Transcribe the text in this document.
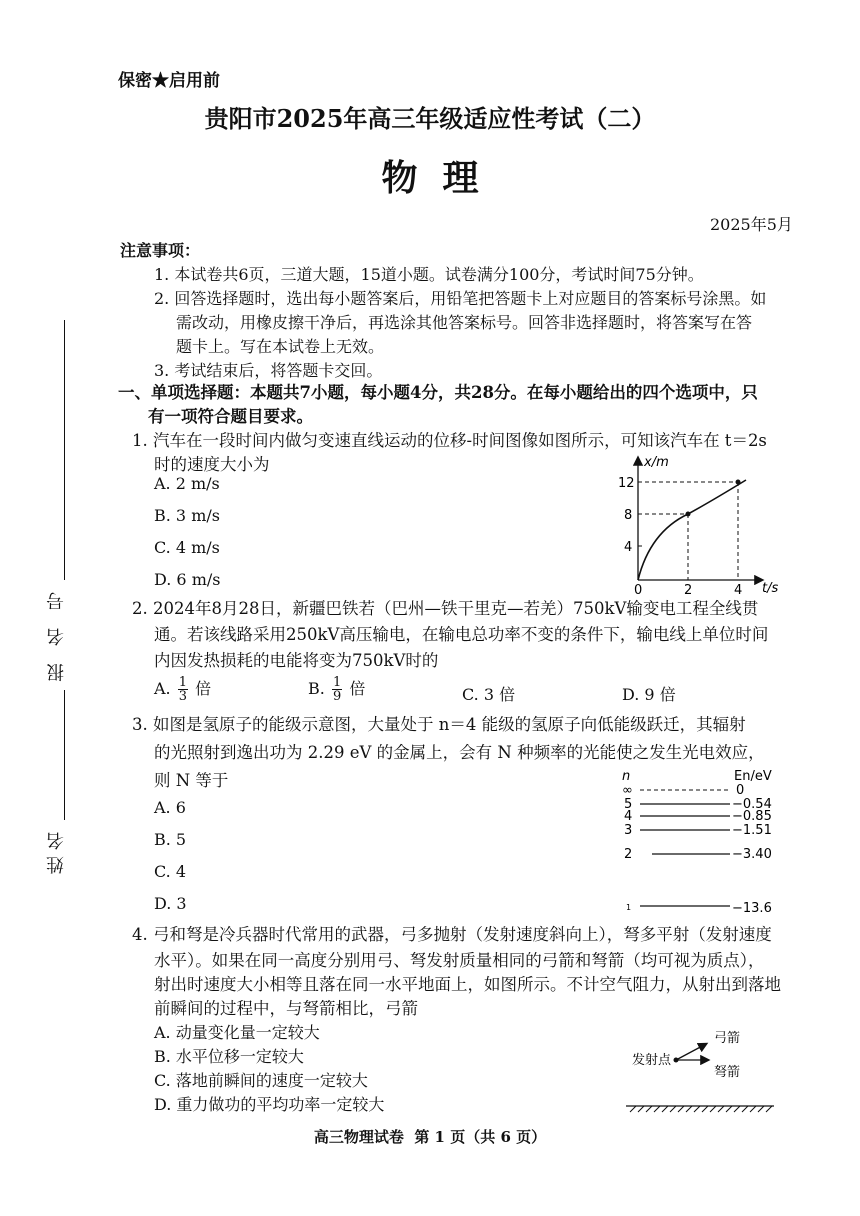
保密★启用前
贵阳市2025年高三年级适应性考试（二）
物  理
2025年5月
报 名 号
姓名
注意事项：
1. 本试卷共6页，三道大题，15道小题。试卷满分100分，考试时间75分钟。
2. 回答选择题时，选出每小题答案后，用铅笔把答题卡上对应题目的答案标号涂黑。如
需改动，用橡皮擦干净后，再选涂其他答案标号。回答非选择题时，将答案写在答
题卡上。写在本试卷上无效。
3. 考试结束后，将答题卡交回。
一、单项选择题：本题共7小题，每小题4分，共28分。在每小题给出的四个选项中，只
有一项符合题目要求。
1. 汽车在一段时间内做匀变速直线运动的位移-时间图像如图所示，可知该汽车在 t＝2s
时的速度大小为
A. 2 m/s
B. 3 m/s
C. 4 m/s
D. 6 m/s
x/m
t/s
12
8
4
0	2	4
2. 2024年8月28日，新疆巴铁若（巴州—铁干里克—若羌）750kV输变电工程全线贯
通。若该线路采用250kV高压输电，在输电总功率不变的条件下，输电线上单位时间
内因发热损耗的电能将变为750kV时的
A. $\frac{1}{3}$ 倍	B. $\frac{1}{9}$ 倍	C. 3 倍	D. 9 倍
3. 如图是氢原子的能级示意图，大量处于 n＝4 能级的氢原子向低能级跃迁，其辐射
的光照射到逸出功为 2.29 eV 的金属上，会有 N 种频率的光能使之发生光电效应，
则 N 等于
A. 6
B. 5
C. 4
D. 3
n	En/eV
∞	0
5	−0.54
4	−0.85
3	−1.51
2	−3.40
1	−13.6
4. 弓和弩是冷兵器时代常用的武器，弓多抛射（发射速度斜向上），弩多平射（发射速度
水平）。如果在同一高度分别用弓、弩发射质量相同的弓箭和弩箭（均可视为质点），
射出时速度大小相等且落在同一水平地面上，如图所示。不计空气阻力，从射出到落地
前瞬间的过程中，与弩箭相比，弓箭
A. 动量变化量一定较大
B. 水平位移一定较大
C. 落地前瞬间的速度一定较大
D. 重力做功的平均功率一定较大
发射点
弓箭
弩箭
高三物理试卷  第 1 页（共 6 页）
